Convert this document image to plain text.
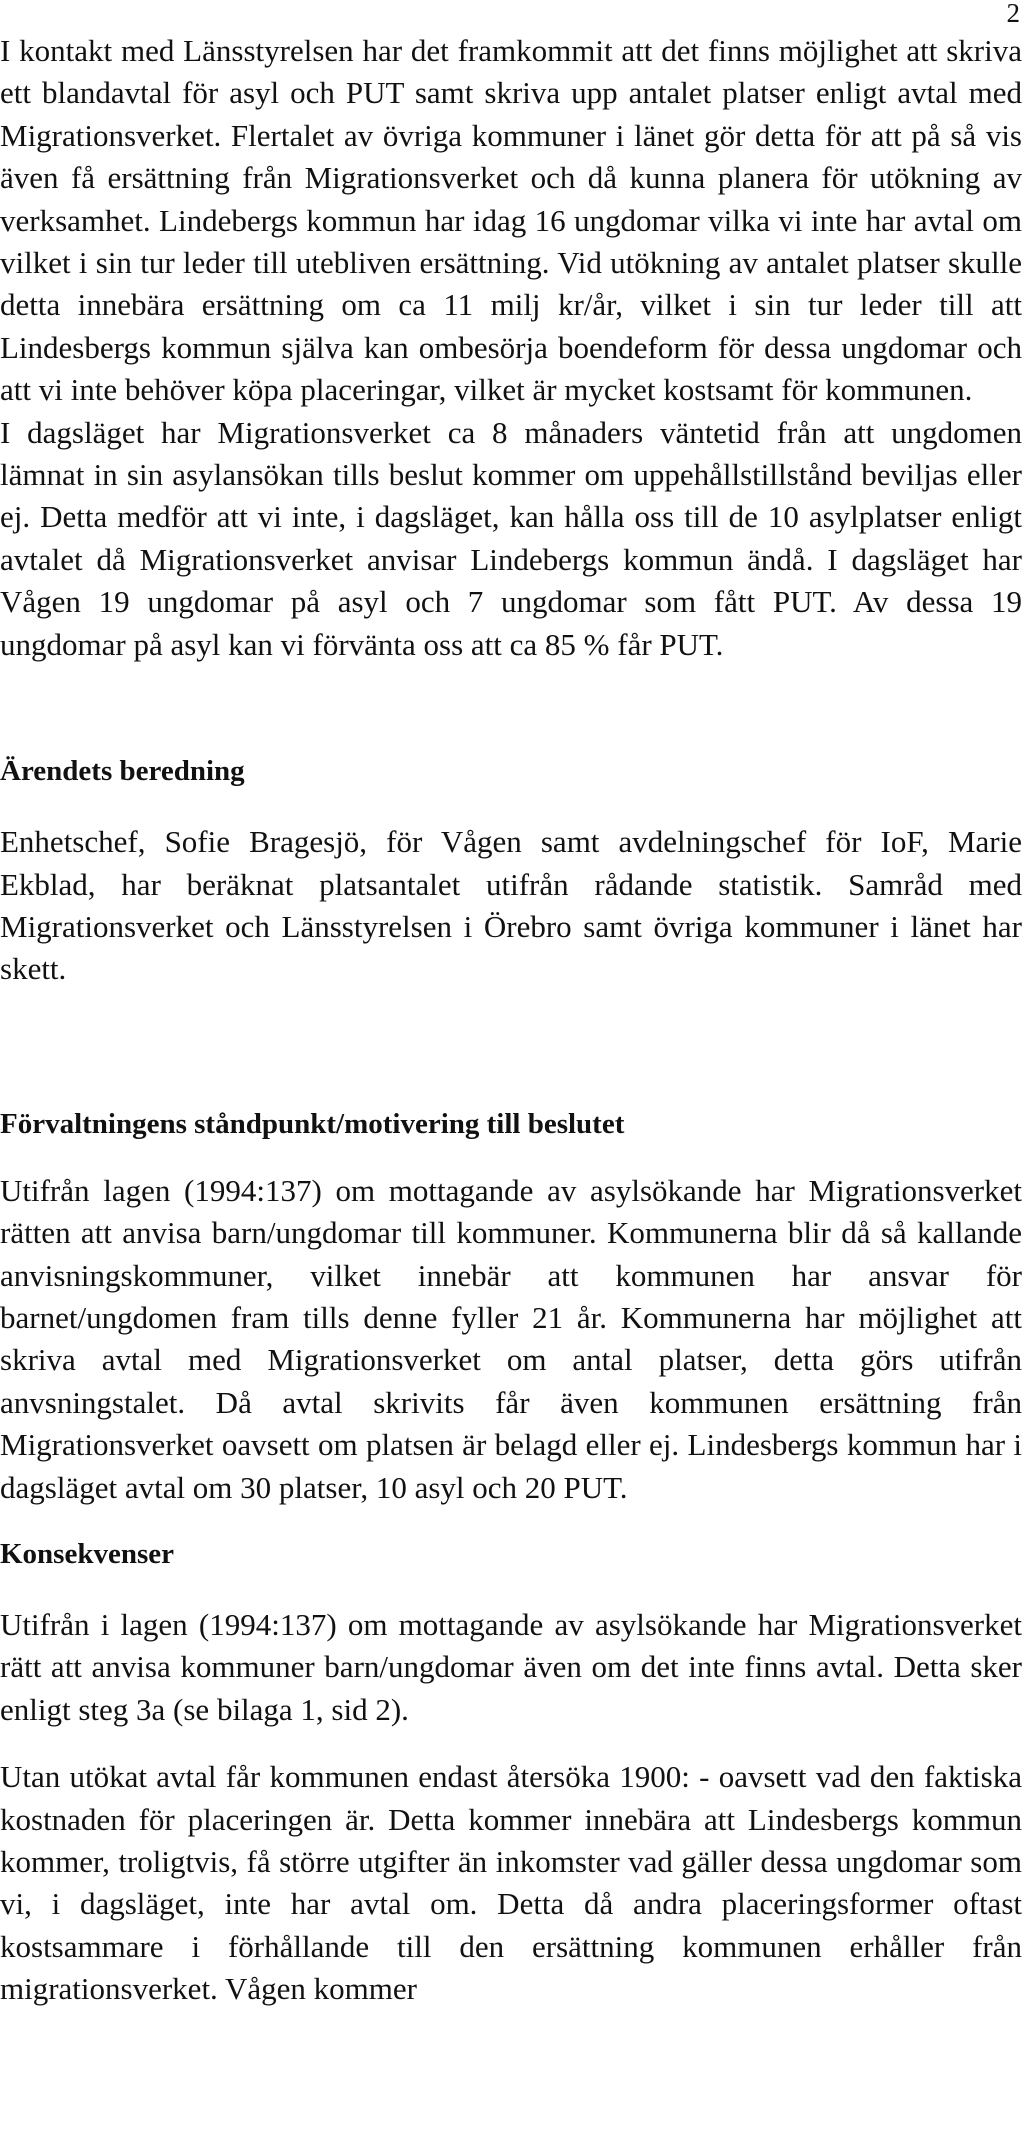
2

I kontakt med Länsstyrelsen har det framkommit att det finns möjlighet att skriva ett blandavtal för asyl och PUT samt skriva upp antalet platser enligt avtal med Migrationsverket. Flertalet av övriga kommuner i länet gör detta för att på så vis även få ersättning från Migrationsverket och då kunna planera för utökning av verksamhet. Lindebergs kommun har idag 16 ungdomar vilka vi inte har avtal om vilket i sin tur leder till utebliven ersättning. Vid utökning av antalet platser skulle detta innebära ersättning om ca 11 milj kr/år, vilket i sin tur leder till att Lindesbergs kommun själva kan ombesörja boendeform för dessa ungdomar och att vi inte behöver köpa placeringar, vilket är mycket kostsamt för kommunen.

I dagsläget har Migrationsverket ca 8 månaders väntetid från att ungdomen lämnat in sin asylansökan tills beslut kommer om uppehållstillstånd beviljas eller ej. Detta medför att vi inte, i dagsläget, kan hålla oss till de 10 asylplatser enligt avtalet då Migrationsverket anvisar Lindebergs kommun ändå. I dagsläget har Vågen 19 ungdomar på asyl och 7 ungdomar som fått PUT. Av dessa 19 ungdomar på asyl kan vi förvänta oss att ca 85 % får PUT.

Ärendets beredning

Enhetschef, Sofie Bragesjö, för Vågen samt avdelningschef för IoF, Marie Ekblad, har beräknat platsantalet utifrån rådande statistik. Samråd med Migrationsverket och Länsstyrelsen i Örebro samt övriga kommuner i länet har skett.

Förvaltningens ståndpunkt/motivering till beslutet

Utifrån lagen (1994:137) om mottagande av asylsökande har Migrationsverket rätten att anvisa barn/ungdomar till kommuner. Kommunerna blir då så kallande anvisningskommuner, vilket innebär att kommunen har ansvar för barnet/ungdomen fram tills denne fyller 21 år. Kommunerna har möjlighet att skriva avtal med Migrationsverket om antal platser, detta görs utifrån anvsningstalet. Då avtal skrivits får även kommunen ersättning från Migrationsverket oavsett om platsen är belagd eller ej. Lindesbergs kommun har i dagsläget avtal om 30 platser, 10 asyl och 20 PUT.

Konsekvenser

Utifrån i lagen (1994:137) om mottagande av asylsökande har Migrationsverket rätt att anvisa kommuner barn/ungdomar även om det inte finns avtal. Detta sker enligt steg 3a (se bilaga 1, sid 2).

Utan utökat avtal får kommunen endast återsöka 1900: - oavsett vad den faktiska kostnaden för placeringen är. Detta kommer innebära att Lindesbergs kommun kommer, troligtvis, få större utgifter än inkomster vad gäller dessa ungdomar som vi, i dagsläget, inte har avtal om. Detta då andra placeringsformer oftast kostsammare i förhållande till den ersättning kommunen erhåller från migrationsverket. Vågen kommer
